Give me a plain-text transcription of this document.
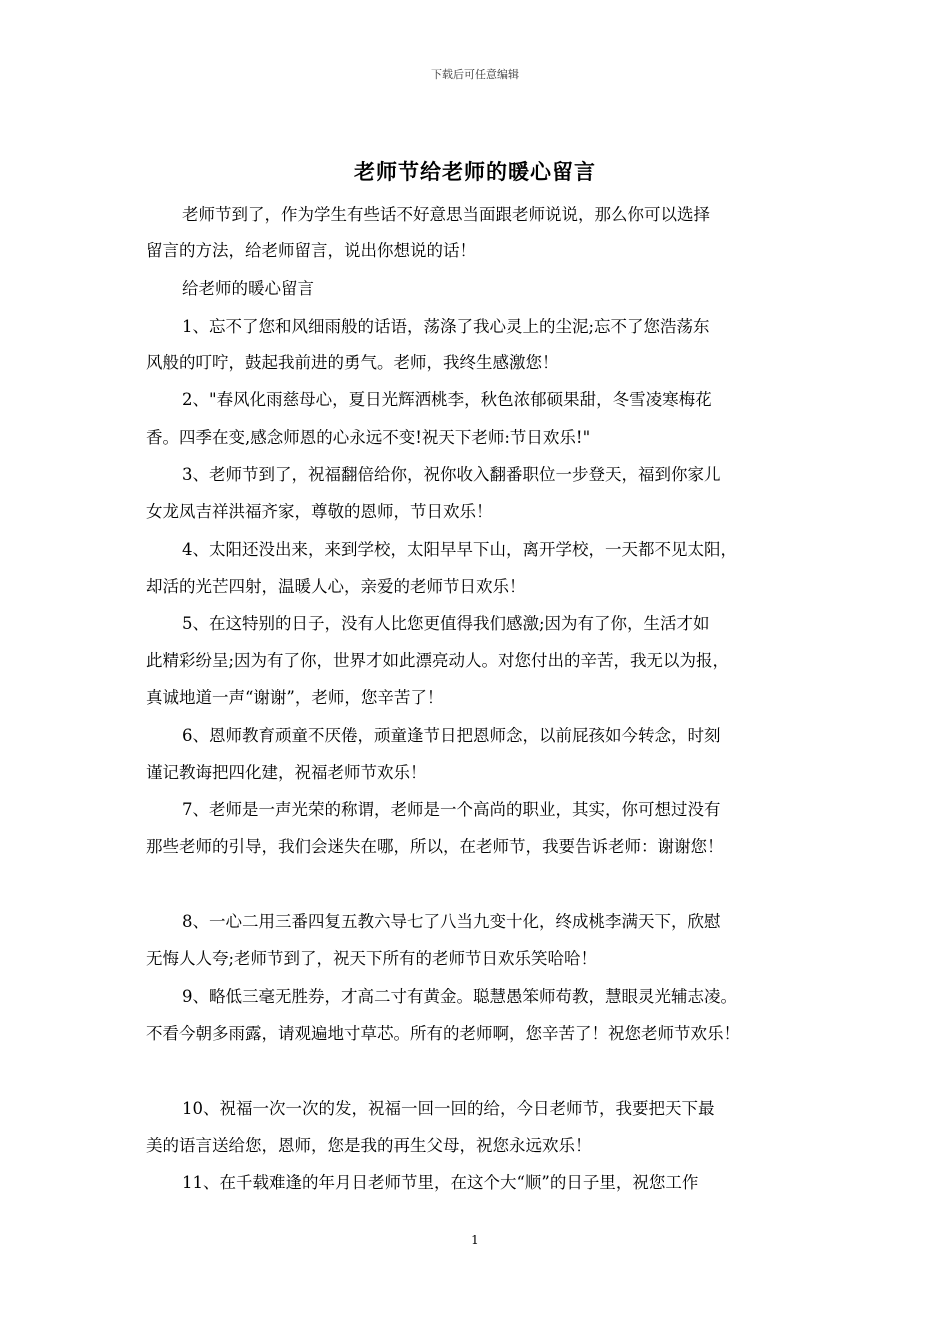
下载后可任意编辑
老师节给老师的暖心留言
老师节到了，作为学生有些话不好意思当面跟老师说说，那么你可以选择
留言的方法，给老师留言，说出你想说的话！
给老师的暖心留言
1、忘不了您和风细雨般的话语，荡涤了我心灵上的尘泥;忘不了您浩荡东
风般的叮咛，鼓起我前进的勇气。老师，我终生感激您！
2、"春风化雨慈母心，夏日光辉洒桃李，秋色浓郁硕果甜，冬雪凌寒梅花
香。四季在变,感念师恩的心永远不变!祝天下老师:节日欢乐!"
3、老师节到了，祝福翻倍给你，祝你收入翻番职位一步登天，福到你家儿
女龙凤吉祥洪福齐家，尊敬的恩师，节日欢乐！
4、太阳还没出来，来到学校，太阳早早下山，离开学校，一天都不见太阳，
却活的光芒四射，温暖人心，亲爱的老师节日欢乐！
5、在这特别的日子，没有人比您更值得我们感激;因为有了你，生活才如
此精彩纷呈;因为有了你，世界才如此漂亮动人。对您付出的辛苦，我无以为报，
真诚地道一声“谢谢”，老师，您辛苦了！
6、恩师教育顽童不厌倦，顽童逢节日把恩师念，以前屁孩如今转念，时刻
谨记教诲把四化建，祝福老师节欢乐！
7、老师是一声光荣的称谓，老师是一个高尚的职业，其实，你可想过没有
那些老师的引导，我们会迷失在哪，所以，在老师节，我要告诉老师：谢谢您！
8、一心二用三番四复五教六导七了八当九变十化，终成桃李满天下，欣慰
无悔人人夸;老师节到了，祝天下所有的老师节日欢乐笑哈哈！
9、略低三毫无胜券，才高二寸有黄金。聪慧愚笨师苟教，慧眼灵光辅志凌。
不看今朝多雨露，请观遍地寸草芯。所有的老师啊，您辛苦了！祝您老师节欢乐！
10、祝福一次一次的发，祝福一回一回的给，今日老师节，我要把天下最
美的语言送给您，恩师，您是我的再生父母，祝您永远欢乐！
11、在千载难逢的年月日老师节里，在这个大“顺”的日子里，祝您工作
1
